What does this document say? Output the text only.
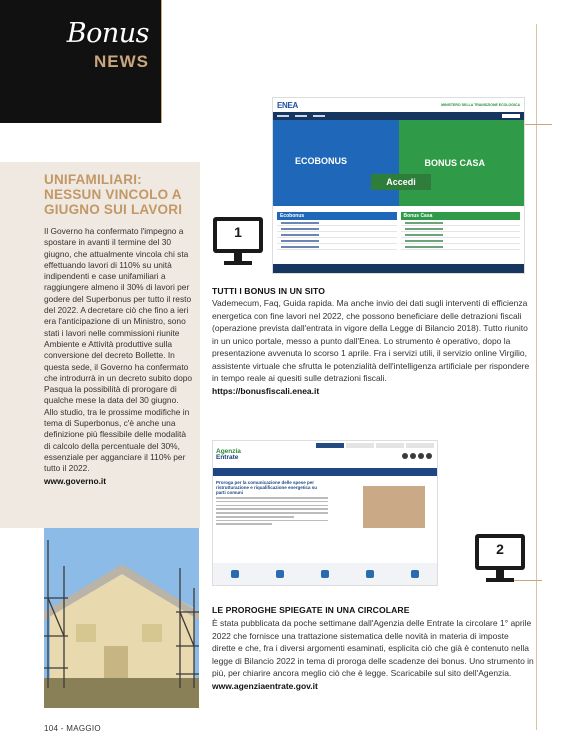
Bonus
NEWS
UNIFAMILIARI: NESSUN VINCOLO A GIUGNO SUI LAVORI
Il Governo ha confermato l'impegno a spostare in avanti il termine del 30 giugno, che attualmente vincola chi sta effettuando lavori di 110% su unità indipendenti e case unifamiliari a raggiungere almeno il 30% di lavori per godere del Superbonus per tutto il resto del 2022. A decretare ciò che fino a ieri era l'anticipazione di un Ministro, sono stati i lavori nelle commissioni riunite Ambiente e Attività produttive sulla conversione del decreto Bollette. In questa sede, il Governo ha confermato che introdurrà in un decreto subito dopo Pasqua la possibilità di prorogare di qualche mese la data del 30 giugno. Allo studio, tra le prossime modifiche in tema di Superbonus, c'è anche una definizione più flessibile delle modalità di calcolo della percentuale del 30%, essenziale per agganciare il 110% per tutto il 2022.
www.governo.it
ENEA	MINISTERO DELLA TRANSIZIONE ECOLOGICA
ECOBONUS	BONUS CASA
Accedi
Ecobonus	Bonus Casa
1
TUTTI I BONUS IN UN SITO
Vademecum, Faq, Guida rapida. Ma anche invio dei dati sugli interventi di efficienza energetica con fine lavori nel 2022, che possono beneficiare delle detrazioni fiscali (operazione prevista dall'entrata in vigore della Legge di Bilancio 2018). Tutto riunito in un unico portale, messo a punto dall'Enea. Lo strumento è operativo, dopo la presentazione avvenuta lo scorso 1 aprile. Fra i servizi utili, il servizio online Virgilio, assistente virtuale che sfrutta le potenzialità dell'intelligenza artificiale per rispondere in tempo reale ai quesiti sulle detrazioni fiscali.
https://bonusfiscali.enea.it
Agenzia
Entrate
Proroga per la comunicazione delle spese per ristrutturazione e riqualificazione energetica su parti comuni
2
LE PROROGHE SPIEGATE IN UNA CIRCOLARE
È stata pubblicata da poche settimane dall'Agenzia delle Entrate la circolare 1° aprile 2022 che fornisce una trattazione sistematica delle novità in materia di imposte dirette e che, fra i diversi argomenti esaminati, esplicita ciò che già è contenuto nella legge di Bilancio 2022 in tema di proroga delle scadenze dei bonus. Uno strumento in più, per chiarire ancora meglio ciò che è legge. Scaricabile sul sito dell'Agenzia.
www.agenziaentrate.gov.it
104 - MAGGIO
